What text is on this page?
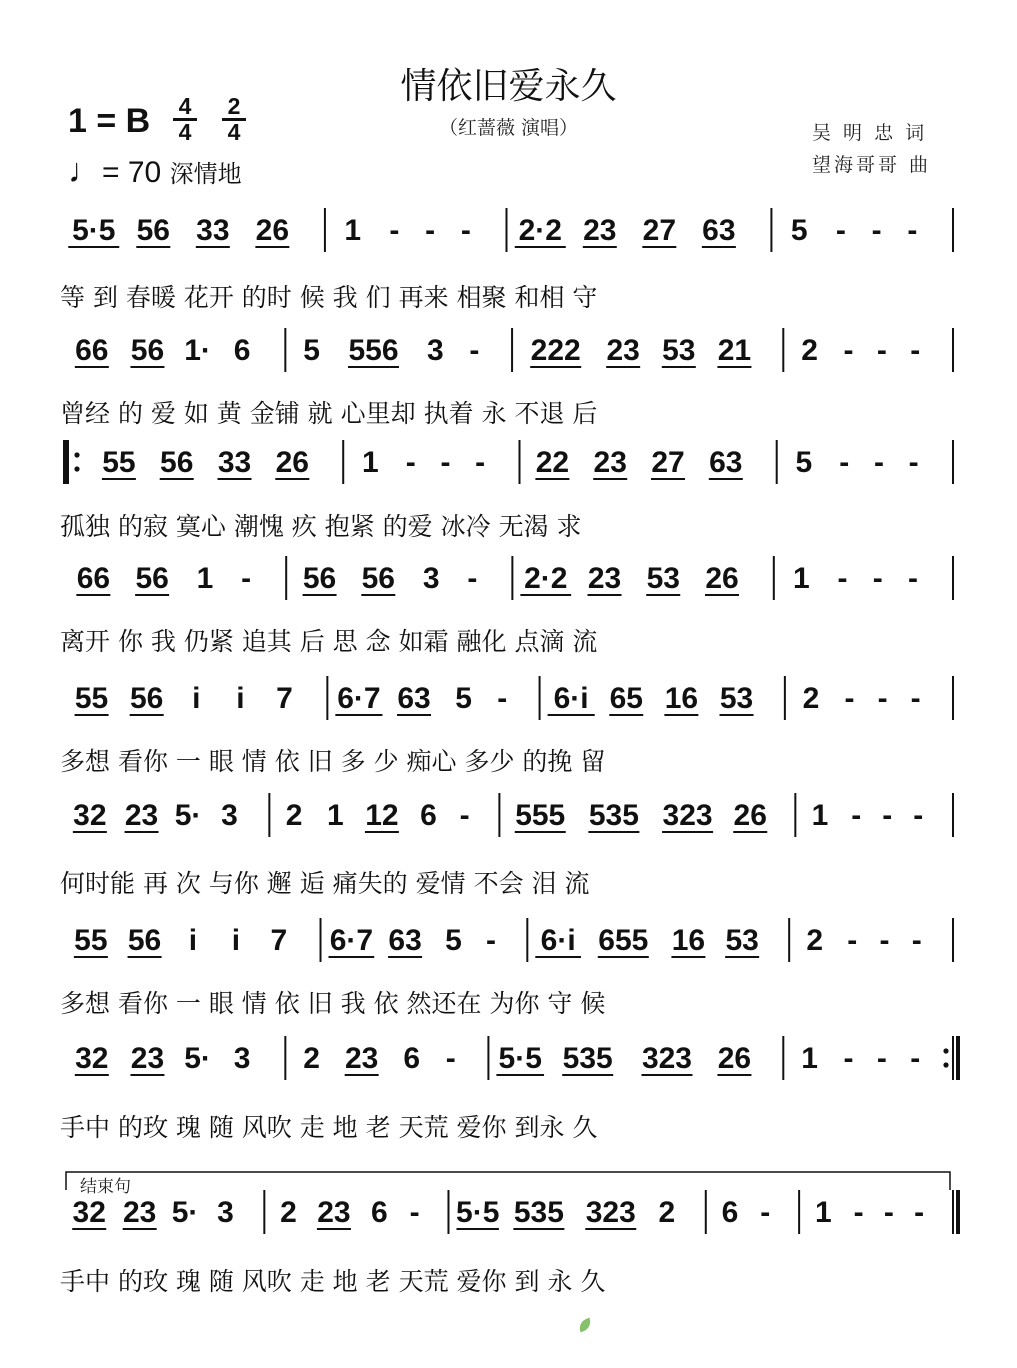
情依旧爱永久
（红蔷薇 演唱）
1 = B 4
4
2
4
♩= 70 深情地
吴 明 忠 词
望海哥哥 曲
5·5 56 33 26 1 - - - 2·2 23 27 63 5 - - -
等 到 春暖 花开 的时 候 我 们 再来 相聚 和相 守
66 56 1· 6 5 556 3 - 222 23 53 21 2 - - -
曾经 的 爱 如 黄 金铺 就 心里却 执着 永 不退 后
55 56 33 26 1 - - - 22 23 27 63 5 - - -
孤独 的寂 寞心 潮愧 疚 抱紧 的爱 冰冷 无渴 求
66 56 1 - 56 56 3 - 2·2 23 53 26 1 - - -
离开 你 我 仍紧 追其 后 思 念 如霜 融化 点滴 流
55 56 i i 7 6·7 63 5 - 6·i 65 16 53 2 - - -
多想 看你 一 眼 情 依 旧 多 少 痴心 多少 的挽 留
32 23 5· 3 2 1 12 6 - 555 535 323 26 1 - - -
何时能 再 次 与你 邂 逅 痛失的 爱情 不会 泪 流
55 56 i i 7 6·7 63 5 - 6·i 655 16 53 2 - - -
多想 看你 一 眼 情 依 旧 我 依 然还在 为你 守 候
32 23 5· 3 2 23 6 - 5·5 535 323 26 1 - - -
手中 的玫 瑰 随 风吹 走 地 老 天荒 爱你 到永 久
32 23 5· 3 2 23 6 - 5·5 535 323 2 6 - 1 - - -
手中 的玫 瑰 随 风吹 走 地 老 天荒 爱你 到 永 久
结束句
